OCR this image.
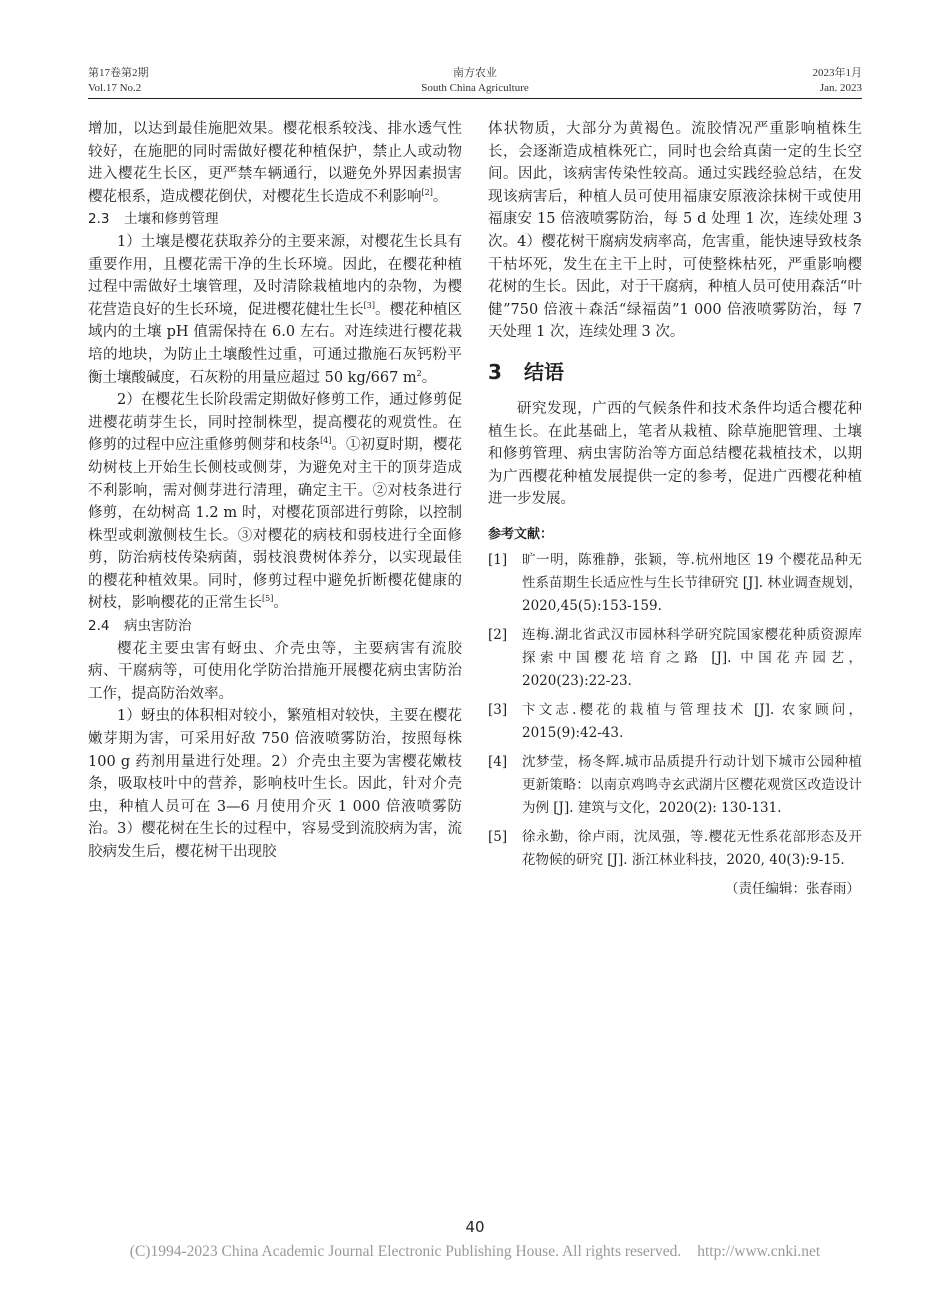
第17卷第2期
Vol.17 No.2
南方农业
South China Agriculture
2023年1月
Jan. 2023

增加，以达到最佳施肥效果。樱花根系较浅、排水透气性较好，在施肥的同时需做好樱花种植保护，禁止人或动物进入樱花生长区，更严禁车辆通行，以避免外界因素损害樱花根系，造成樱花倒伏，对樱花生长造成不利影响[2]。

2.3 土壤和修剪管理

1）土壤是樱花获取养分的主要来源，对樱花生长具有重要作用，且樱花需干净的生长环境。因此，在樱花种植过程中需做好土壤管理，及时清除栽植地内的杂物，为樱花营造良好的生长环境，促进樱花健壮生长[3]。樱花种植区域内的土壤 pH 值需保持在 6.0 左右。对连续进行樱花栽培的地块，为防止土壤酸性过重，可通过撒施石灰钙粉平衡土壤酸碱度，石灰粉的用量应超过 50 kg/667 $m^2$。

2）在樱花生长阶段需定期做好修剪工作，通过修剪促进樱花萌芽生长，同时控制株型，提高樱花的观赏性。在修剪的过程中应注重修剪侧芽和枝条[4]。①初夏时期，樱花幼树枝上开始生长侧枝或侧芽，为避免对主干的顶芽造成不利影响，需对侧芽进行清理，确定主干。②对枝条进行修剪，在幼树高 1.2 m 时，对樱花顶部进行剪除，以控制株型或刺激侧枝生长。③对樱花的病枝和弱枝进行全面修剪，防治病枝传染病菌，弱枝浪费树体养分，以实现最佳的樱花种植效果。同时，修剪过程中避免折断樱花健康的树枝，影响樱花的正常生长[5]。

2.4 病虫害防治

樱花主要虫害有蚜虫、介壳虫等，主要病害有流胶病、干腐病等，可使用化学防治措施开展樱花病虫害防治工作，提高防治效率。

1）蚜虫的体积相对较小，繁殖相对较快，主要在樱花嫩芽期为害，可采用好敌 750 倍液喷雾防治，按照每株 100 g 药剂用量进行处理。2）介壳虫主要为害樱花嫩枝条，吸取枝叶中的营养，影响枝叶生长。因此，针对介壳虫，种植人员可在 3—6 月使用介灭 1 000 倍液喷雾防治。3）樱花树在生长的过程中，容易受到流胶病为害，流胶病发生后，樱花树干出现胶

体状物质，大部分为黄褐色。流胶情况严重影响植株生长，会逐渐造成植株死亡，同时也会给真菌一定的生长空间。因此，该病害传染性较高。通过实践经验总结，在发现该病害后，种植人员可使用福康安原液涂抹树干或使用福康安 15 倍液喷雾防治，每 5 d 处理 1 次，连续处理 3 次。4）樱花树干腐病发病率高，危害重，能快速导致枝条干枯坏死，发生在主干上时，可使整株枯死，严重影响樱花树的生长。因此，对于干腐病，种植人员可使用森活“叶健”750 倍液＋森活“绿福茵”1 000 倍液喷雾防治，每 7 天处理 1 次，连续处理 3 次。

3 结语

研究发现，广西的气候条件和技术条件均适合樱花种植生长。在此基础上，笔者从栽植、除草施肥管理、土壤和修剪管理、病虫害防治等方面总结樱花栽植技术，以期为广西樱花种植发展提供一定的参考，促进广西樱花种植进一步发展。

参考文献：
[1] 旷一明，陈雅静，张颖，等.杭州地区 19 个樱花品种无性系苗期生长适应性与生长节律研究 [J]. 林业调查规划，2020,45(5):153-159.
[2] 连梅.湖北省武汉市园林科学研究院国家樱花种质资源库探索中国樱花培育之路 [J]. 中国花卉园艺，2020(23):22-23.
[3] 卞文志.樱花的栽植与管理技术 [J]. 农家顾问，2015(9):42-43.
[4] 沈梦莹，杨冬辉.城市品质提升行动计划下城市公园种植更新策略：以南京鸡鸣寺玄武湖片区樱花观赏区改造设计为例 [J]. 建筑与文化，2020(2): 130-131.
[5] 徐永勤，徐卢雨，沈凤强，等.樱花无性系花部形态及开花物候的研究 [J]. 浙江林业科技，2020, 40(3):9-15.
（责任编辑：张春雨）
40
(C)1994-2023 China Academic Journal Electronic Publishing House. All rights reserved. http://www.cnki.net
